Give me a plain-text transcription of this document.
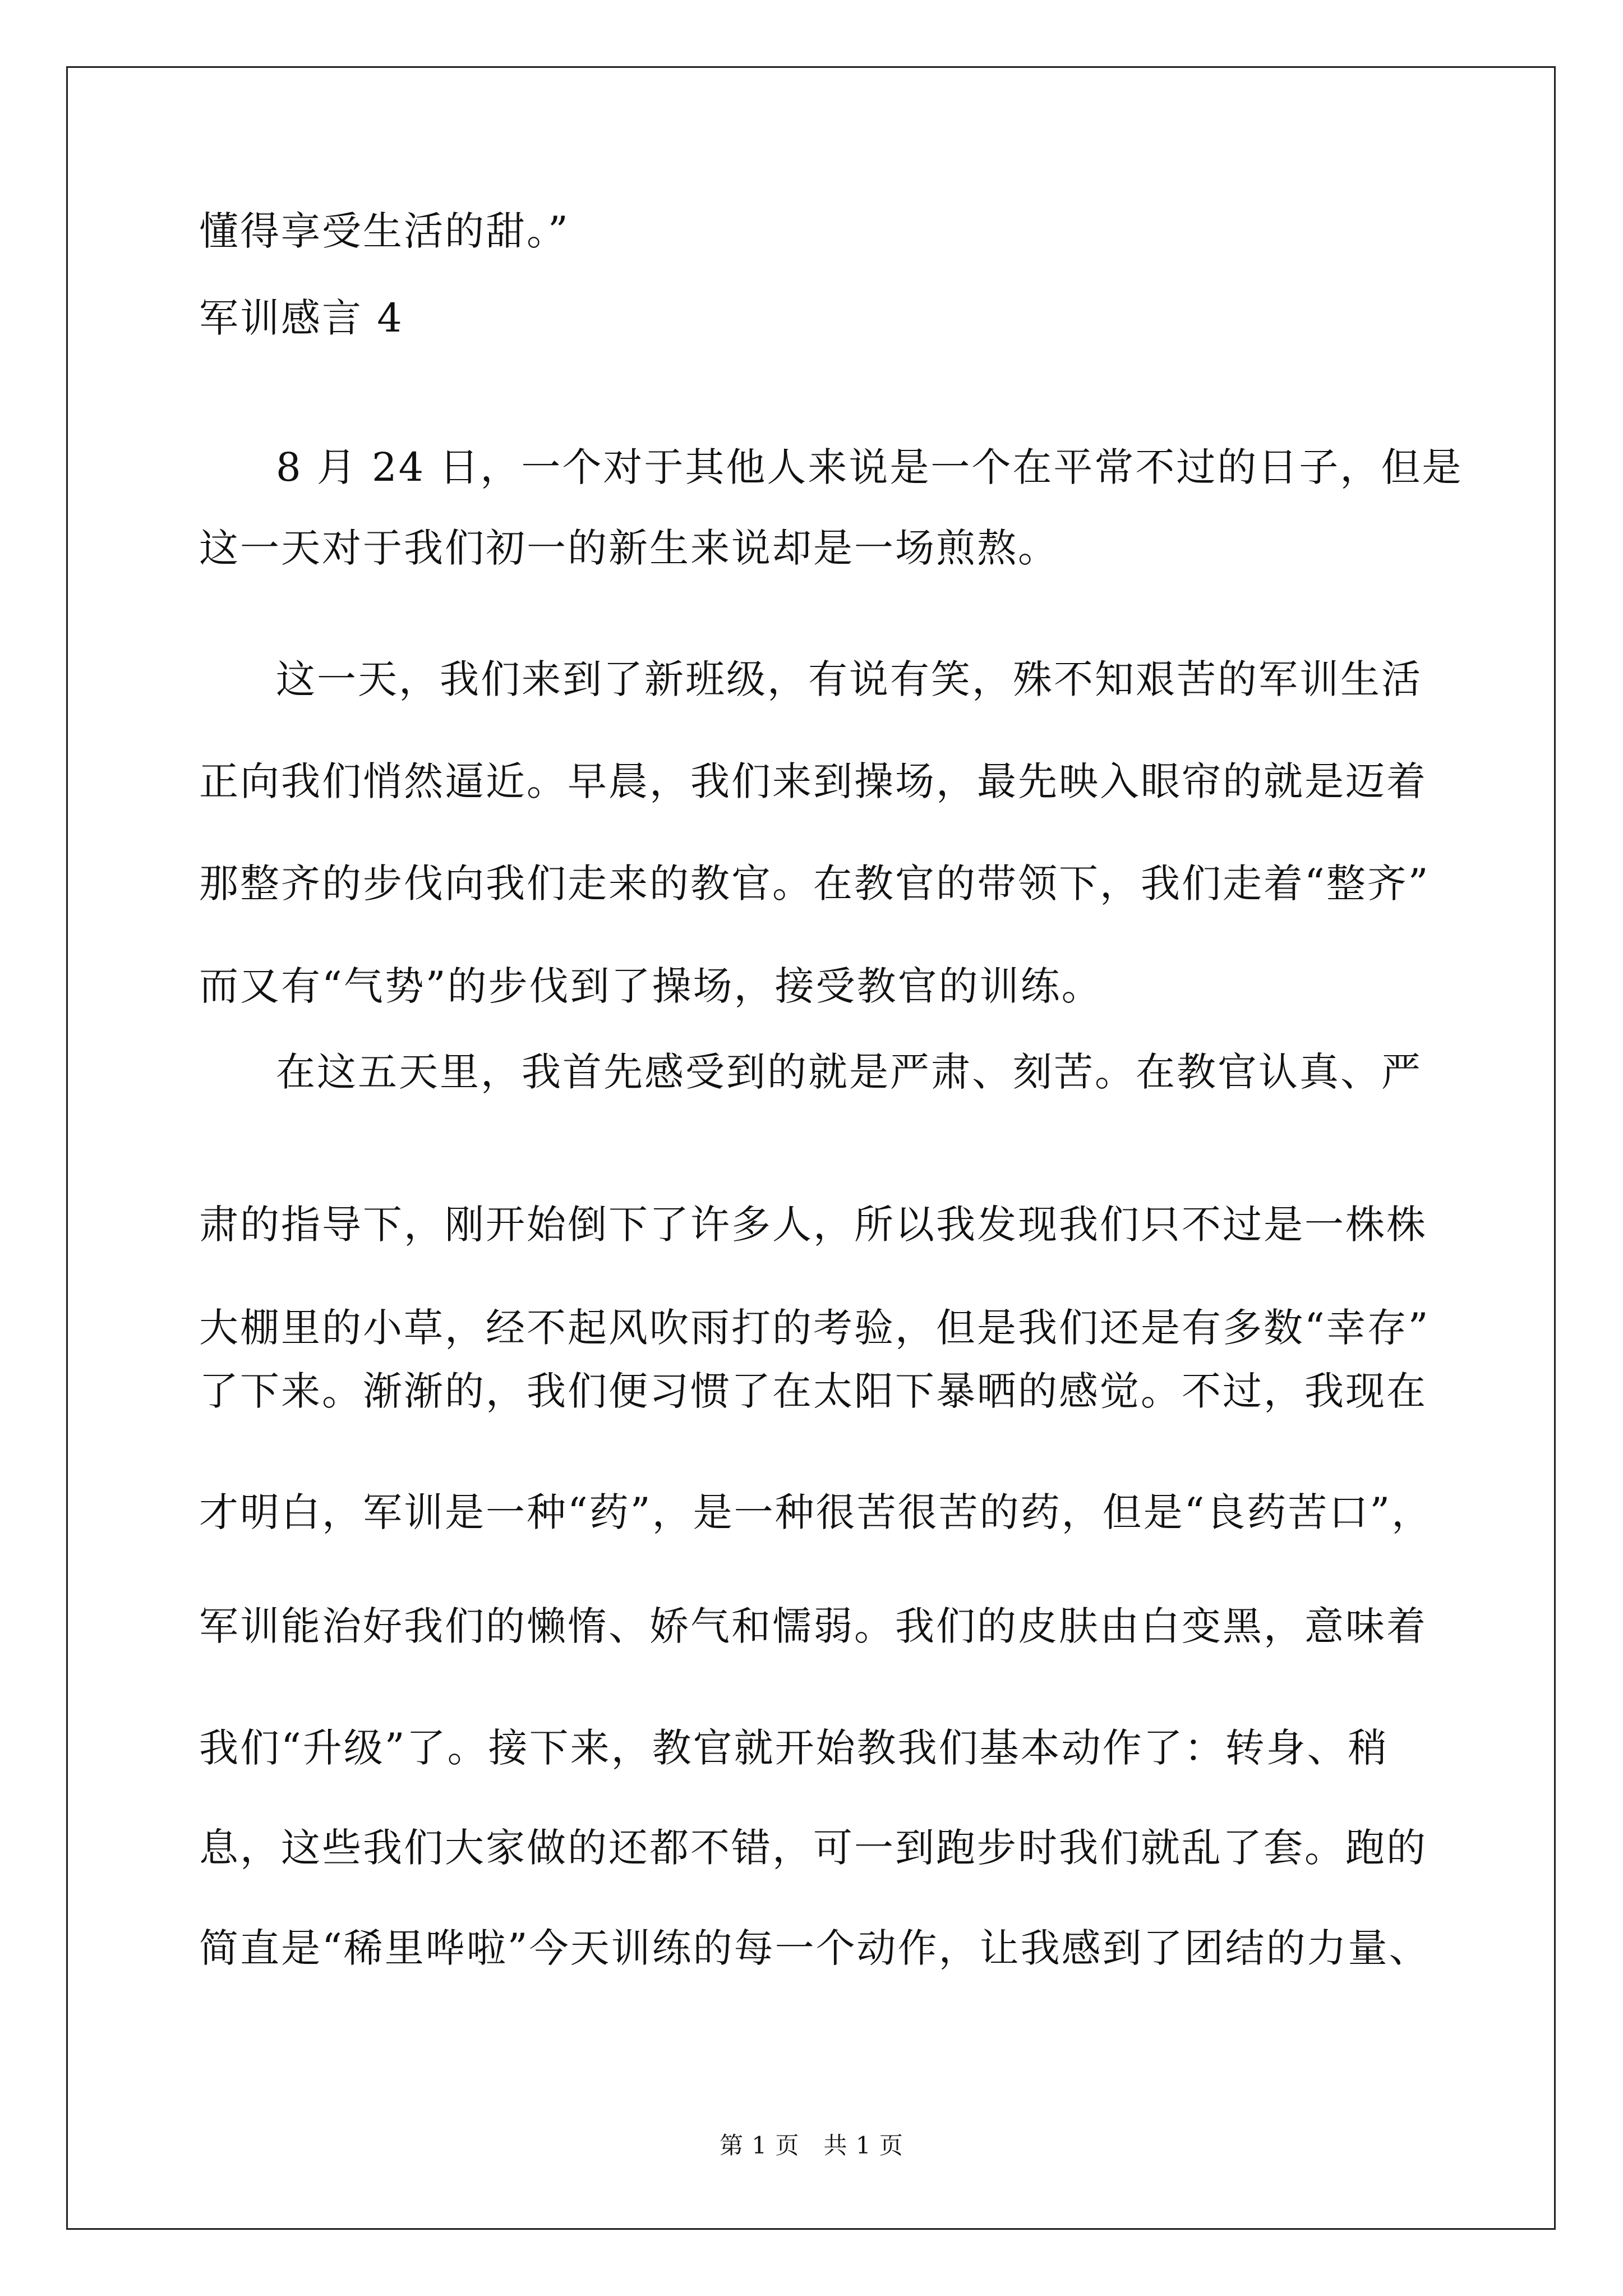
懂得享受生活的甜。”
军训感言 4
8 月 24 日，一个对于其他人来说是一个在平常不过的日子，但是
这一天对于我们初一的新生来说却是一场煎熬。
这一天，我们来到了新班级，有说有笑，殊不知艰苦的军训生活
正向我们悄然逼近。早晨，我们来到操场，最先映入眼帘的就是迈着
那整齐的步伐向我们走来的教官。在教官的带领下，我们走着“整齐”
而又有“气势”的步伐到了操场，接受教官的训练。
在这五天里，我首先感受到的就是严肃、刻苦。在教官认真、严
肃的指导下，刚开始倒下了许多人，所以我发现我们只不过是一株株
大棚里的小草，经不起风吹雨打的考验，但是我们还是有多数“幸存”
了下来。渐渐的，我们便习惯了在太阳下暴晒的感觉。不过，我现在
才明白，军训是一种“药”，是一种很苦很苦的药，但是“良药苦口”，
军训能治好我们的懒惰、娇气和懦弱。我们的皮肤由白变黑，意味着
我们“升级”了。接下来，教官就开始教我们基本动作了：转身、稍
息，这些我们大家做的还都不错，可一到跑步时我们就乱了套。跑的
简直是“稀里哗啦”今天训练的每一个动作，让我感到了团结的力量、
第 1 页　共 1 页
